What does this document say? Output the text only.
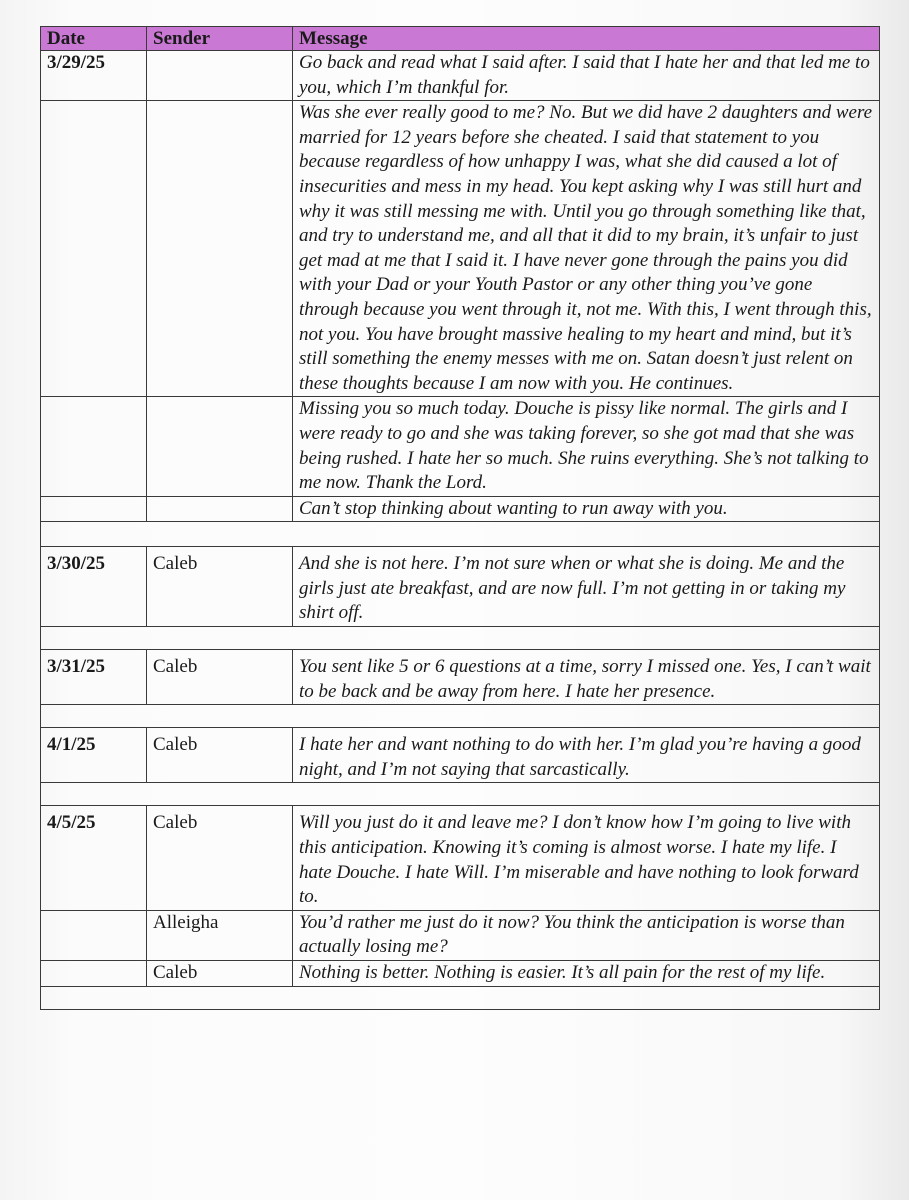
Date	Sender	Message
3/29/25		Go back and read what I said after. I said that I hate her and that led me to you, which I’m thankful for.
		Was she ever really good to me? No. But we did have 2 daughters and were married for 12 years before she cheated. I said that statement to you because regardless of how unhappy I was, what she did caused a lot of insecurities and mess in my head. You kept asking why I was still hurt and why it was still messing me with. Until you go through something like that, and try to understand me, and all that it did to my brain, it’s unfair to just get mad at me that I said it. I have never gone through the pains you did with your Dad or your Youth Pastor or any other thing you’ve gone through because you went through it, not me. With this, I went through this, not you. You have brought massive healing to my heart and mind, but it’s still something the enemy messes with me on. Satan doesn’t just relent on these thoughts because I am now with you. He continues.
		Missing you so much today. Douche is pissy like normal. The girls and I were ready to go and she was taking forever, so she got mad that she was being rushed. I hate her so much. She ruins everything. She’s not talking to me now. Thank the Lord.
		Can’t stop thinking about wanting to run away with you.

3/30/25	Caleb	And she is not here. I’m not sure when or what she is doing. Me and the girls just ate breakfast, and are now full. I’m not getting in or taking my shirt off.

3/31/25	Caleb	You sent like 5 or 6 questions at a time, sorry I missed one. Yes, I can’t wait to be back and be away from here. I hate her presence.

4/1/25	Caleb	I hate her and want nothing to do with her. I’m glad you’re having a good night, and I’m not saying that sarcastically.

4/5/25	Caleb	Will you just do it and leave me? I don’t know how I’m going to live with this anticipation. Knowing it’s coming is almost worse. I hate my life. I hate Douche. I hate Will. I’m miserable and have nothing to look forward to.
	Alleigha	You’d rather me just do it now? You think the anticipation is worse than actually losing me?
	Caleb	Nothing is better. Nothing is easier. It’s all pain for the rest of my life.
